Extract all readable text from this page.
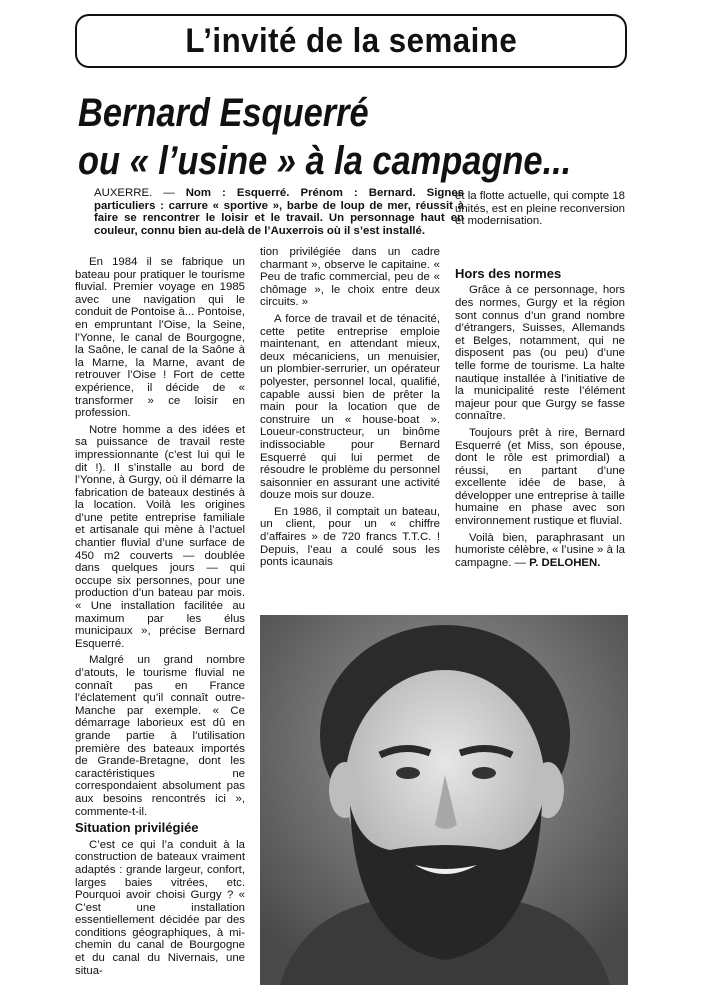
L’invité de la semaine
Bernard Esquerré
ou « l’usine » à la campagne...
AUXERRE. — Nom : Esquerré. Prénom : Bernard. Signes particuliers : carrure « sportive », barbe de loup de mer, réussit à faire se rencontrer le loisir et le travail. Un personnage haut en couleur, connu bien au-delà de l’Auxerrois où il s’est installé.

En 1984 il se fabrique un bateau pour pratiquer le tourisme fluvial. Premier voyage en 1985 avec une navigation qui le conduit de Pontoise à... Pontoise, en empruntant l’Oise, la Seine, l’Yonne, le canal de Bourgogne, la Saône, le canal de la Saône à la Marne, la Marne, avant de retrouver l’Oise ! Fort de cette expérience, il décide de « transformer » ce loisir en profession.

Notre homme a des idées et sa puissance de travail reste impressionnante (c’est lui qui le dit !). Il s’installe au bord de l’Yonne, à Gurgy, où il démarre la fabrication de bateaux destinés à la location. Voilà les origines d’une petite entreprise familiale et artisanale qui mène à l’actuel chantier fluvial d’une surface de 450 m2 couverts — doublée dans quelques jours — qui occupe six personnes, pour une production d’un bateau par mois. « Une installation facilitée au maximum par les élus municipaux », précise Bernard Esquerré.

Malgré un grand nombre d’atouts, le tourisme fluvial ne connaît pas en France l’éclatement qu’il connaît outre-Manche par exemple. « Ce démarrage laborieux est dû en grande partie à l’utilisation première des bateaux importés de Grande-Bretagne, dont les caractéristiques ne correspondaient absolument pas aux besoins rencontrés ici », commente-t-il.

Situation privilégiée

C’est ce qui l’a conduit à la construction de bateaux vraiment adaptés : grande largeur, confort, larges baies vitrées, etc. Pourquoi avoir choisi Gurgy ? « C’est une installation essentiellement décidée par des conditions géographiques, à mi-chemin du canal de Bourgogne et du canal du Nivernais, une situa-

tion privilégiée dans un cadre charmant », observe le capitaine. « Peu de trafic commercial, peu de « chômage », le choix entre deux circuits. »

A force de travail et de ténacité, cette petite entreprise emploie maintenant, en attendant mieux, deux mécaniciens, un menuisier, un plombier-serrurier, un opérateur polyester, personnel local, qualifié, capable aussi bien de prêter la main pour la location que de construire un « house-boat ». Loueur-constructeur, un binôme indissociable pour Bernard Esquerré qui lui permet de résoudre le problème du personnel saisonnier en assurant une activité douze mois sur douze.

En 1986, il comptait un bateau, un client, pour un « chiffre d’affaires » de 720 francs T.T.C. ! Depuis, l’eau a coulé sous les ponts icaunais

et la flotte actuelle, qui compte 18 unités, est en pleine reconversion et modernisation.

Hors des normes

Grâce à ce personnage, hors des normes, Gurgy et la région sont connus d’un grand nombre d’étrangers, Suisses, Allemands et Belges, notamment, qui ne disposent pas (ou peu) d’une telle forme de tourisme. La halte nautique installée à l’initiative de la municipalité reste l’élément majeur pour que Gurgy se fasse connaître.

Toujours prêt à rire, Bernard Esquerré (et Miss, son épouse, dont le rôle est primordial) a réussi, en partant d’une excellente idée de base, à développer une entreprise à taille humaine en phase avec son environnement rustique et fluvial.

Voilà bien, paraphrasant un humoriste célèbre, « l’usine » à la campagne. — P. DELOHEN.
